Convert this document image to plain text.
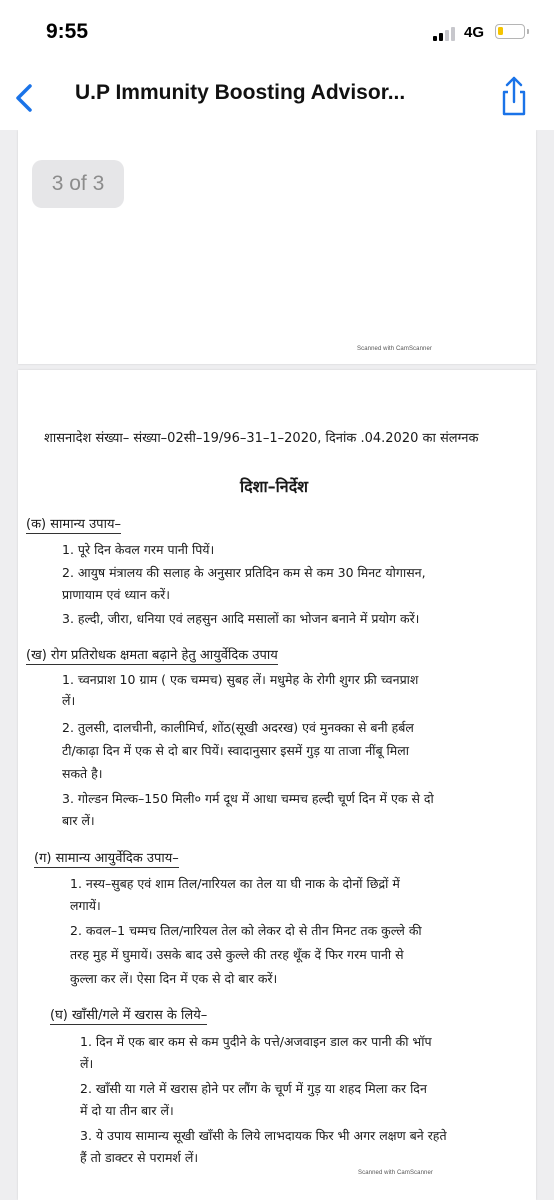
9:55	4G
U.P Immunity Boosting Advisor...
Scanned with CamScanner
3 of 3
शासनादेश संख्या– संख्या–02सी–19/96–31–1–2020, दिनांक .04.2020 का संलग्नक
दिशा–निर्देश
(क) सामान्य उपाय–
1. पूरे दिन केवल गरम पानी पियें।
2. आयुष मंत्रालय की सलाह के अनुसार प्रतिदिन कम से कम 30 मिनट योगासन,
प्राणायाम एवं ध्यान करें।
3. हल्दी, जीरा, धनिया एवं लहसुन आदि मसालों का भोजन बनाने में प्रयोग करें।
(ख) रोग प्रतिरोधक क्षमता बढ़ाने हेतु आयुर्वेदिक उपाय
1. च्वनप्राश 10 ग्राम ( एक चम्मच) सुबह लें। मधुमेह के रोगी शुगर फ्री च्वनप्राश
लें।
2. तुलसी, दालचीनी, कालीमिर्च, शोंठ(सूखी अदरख) एवं मुनक्का से बनी हर्बल
टी/काढ़ा दिन में एक से दो बार पियें। स्वादानुसार इसमें गुड़ या ताजा नींबू मिला
सकते है।
3. गोल्डन मिल्क–150 मिली० गर्म दूध में आधा चम्मच हल्दी चूर्ण दिन में एक से दो
बार लें।
(ग) सामान्य आयुर्वेदिक उपाय–
1. नस्य–सुबह एवं शाम तिल/नारियल का तेल या घी नाक के दोनों छिद्रों में
लगायें।
2. कवल–1 चम्मच तिल/नारियल तेल को लेकर दो से तीन मिनट तक कुल्ले की
तरह मुह में घुमायें। उसके बाद उसे कुल्ले की तरह थूँक दें फिर गरम पानी से
कुल्ला कर लें। ऐसा दिन में एक से दो बार करें।
(घ) खाँसी/गले में खरास के लिये–
1. दिन में एक बार कम से कम पुदीने के पत्ते/अजवाइन डाल कर पानी की भॉप
लें।
2. खाँसी या गले में खरास होने पर लौंग के चूर्ण में गुड़ या शहद मिला कर दिन
में दो या तीन बार लें।
3. ये उपाय सामान्य सूखी खाँसी के लिये लाभदायक फिर भी अगर लक्षण बने रहते
हैं तो डाक्टर से परामर्श लें।
Scanned with CamScanner
